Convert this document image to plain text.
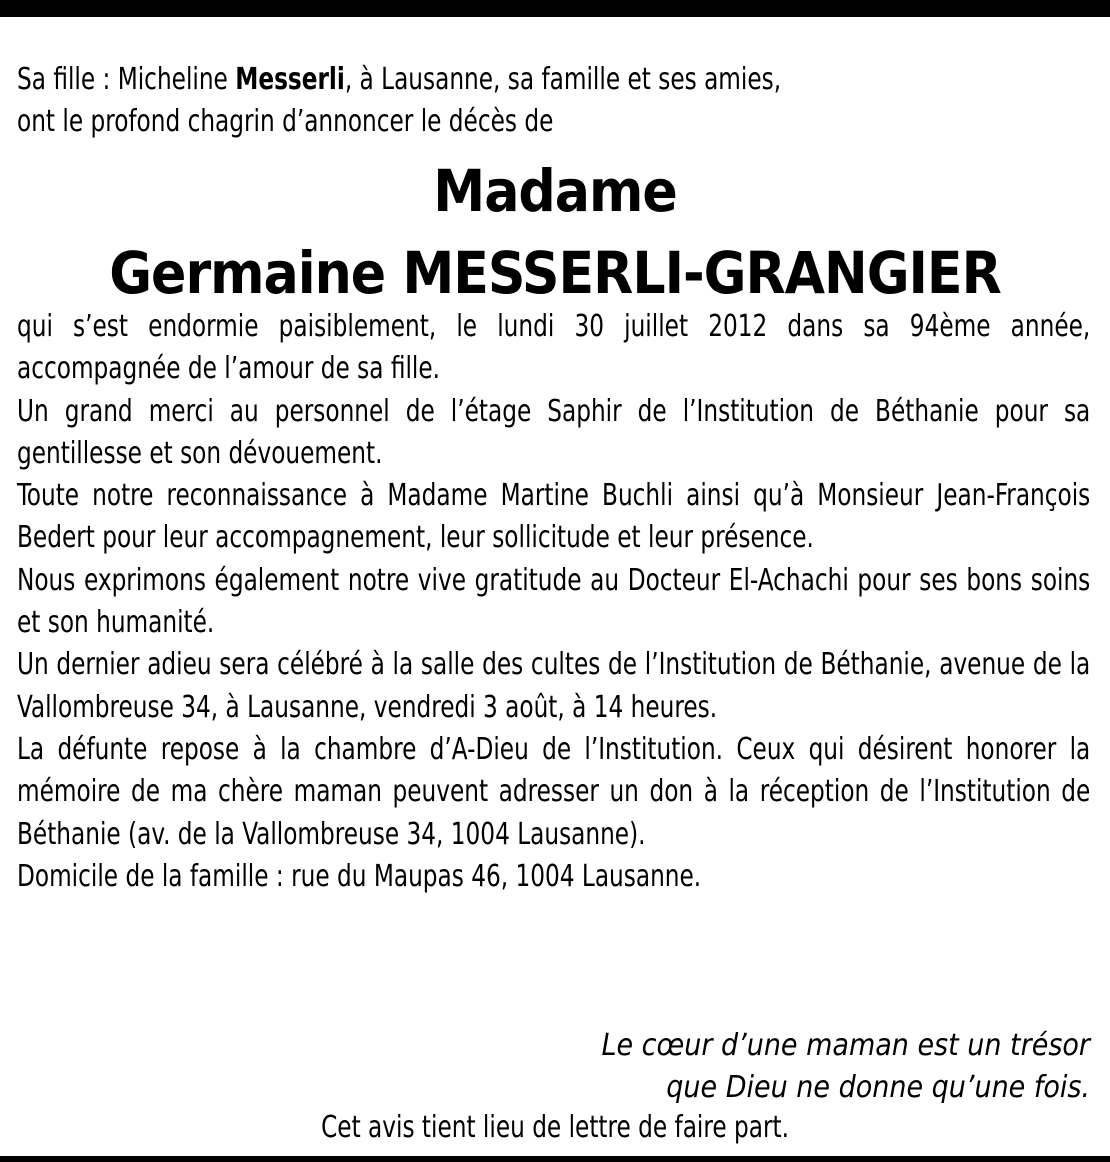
Sa fille : Micheline Messerli, à Lausanne, sa famille et ses amies,

ont le profond chagrin d’annoncer le décès de

Madame
Germaine MESSERLI-GRANGIER

qui s’est endormie paisiblement, le lundi 30 juillet 2012 dans sa 94ème année, accompagnée de l’amour de sa fille.

Un grand merci au personnel de l’étage Saphir de l’Institution de Béthanie pour sa gentillesse et son dévouement.

Toute notre reconnaissance à Madame Martine Buchli ainsi qu’à Monsieur Jean-François Bedert pour leur accompagnement, leur sollicitude et leur présence.

Nous exprimons également notre vive gratitude au Docteur El-Achachi pour ses bons soins et son humanité.

Un dernier adieu sera célébré à la salle des cultes de l’Institution de Béthanie, avenue de la Vallombreuse 34, à Lausanne, vendredi 3 août, à 14 heures.

La défunte repose à la chambre d’A-Dieu de l’Institution. Ceux qui désirent honorer la mémoire de ma chère maman peuvent adresser un don à la réception de l’Institution de Béthanie (av. de la Vallombreuse 34, 1004 Lausanne).

Domicile de la famille : rue du Maupas 46, 1004 Lausanne.

Le cœur d’une maman est un trésor
que Dieu ne donne qu’une fois.
Cet avis tient lieu de lettre de faire part.
